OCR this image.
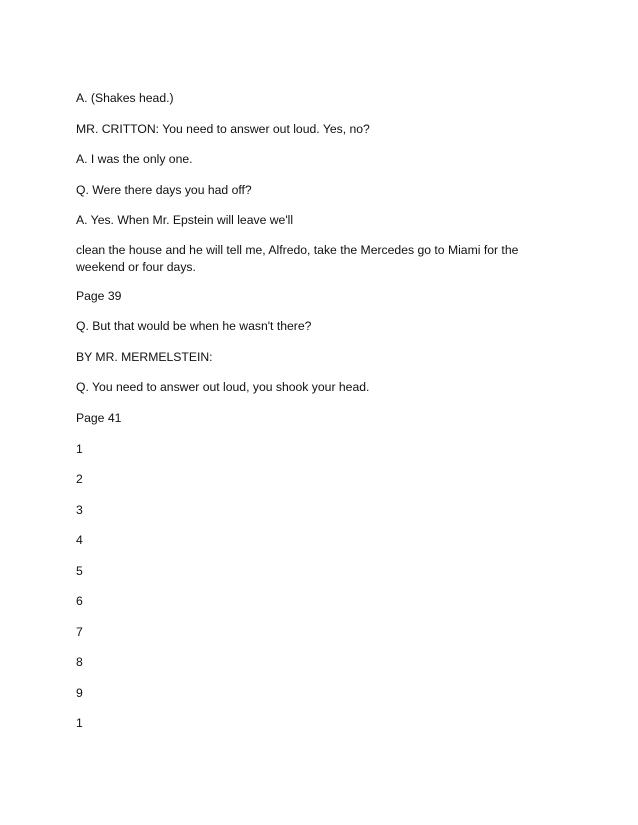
A. (Shakes head.)

MR. CRITTON: You need to answer out loud. Yes, no?

A. I was the only one.

Q. Were there days you had off?

A. Yes. When Mr. Epstein will leave we'll

clean the house and he will tell me, Alfredo, take the Mercedes go to Miami for the weekend or four days.

Page 39

Q. But that would be when he wasn't there?

BY MR. MERMELSTEIN:

Q. You need to answer out loud, you shook your head.

Page 41

1

2

3

4

5

6

7

8

9

1
